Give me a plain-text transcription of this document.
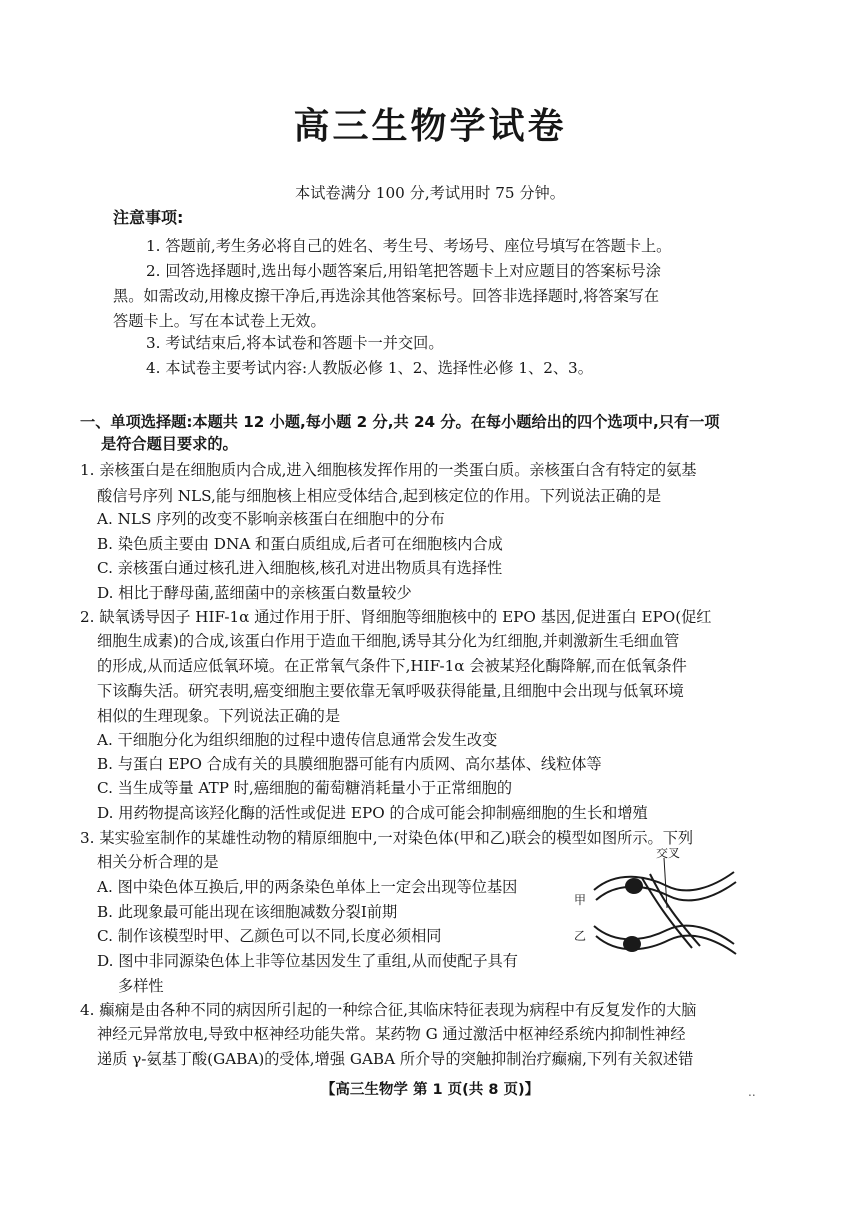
高三生物学试卷
本试卷满分 100 分,考试用时 75 分钟。
注意事项:
1. 答题前,考生务必将自己的姓名、考生号、考场号、座位号填写在答题卡上。
2. 回答选择题时,选出每小题答案后,用铅笔把答题卡上对应题目的答案标号涂
黑。如需改动,用橡皮擦干净后,再选涂其他答案标号。回答非选择题时,将答案写在
答题卡上。写在本试卷上无效。
3. 考试结束后,将本试卷和答题卡一并交回。
4. 本试卷主要考试内容:人教版必修 1、2、选择性必修 1、2、3。
一、单项选择题:本题共 12 小题,每小题 2 分,共 24 分。在每小题给出的四个选项中,只有一项
是符合题目要求的。
1. 亲核蛋白是在细胞质内合成,进入细胞核发挥作用的一类蛋白质。亲核蛋白含有特定的氨基
酸信号序列 NLS,能与细胞核上相应受体结合,起到核定位的作用。下列说法正确的是
A. NLS 序列的改变不影响亲核蛋白在细胞中的分布
B. 染色质主要由 DNA 和蛋白质组成,后者可在细胞核内合成
C. 亲核蛋白通过核孔进入细胞核,核孔对进出物质具有选择性
D. 相比于酵母菌,蓝细菌中的亲核蛋白数量较少
2. 缺氧诱导因子 HIF-1α 通过作用于肝、肾细胞等细胞核中的 EPO 基因,促进蛋白 EPO(促红
细胞生成素)的合成,该蛋白作用于造血干细胞,诱导其分化为红细胞,并刺激新生毛细血管
的形成,从而适应低氧环境。在正常氧气条件下,HIF-1α 会被某羟化酶降解,而在低氧条件
下该酶失活。研究表明,癌变细胞主要依靠无氧呼吸获得能量,且细胞中会出现与低氧环境
相似的生理现象。下列说法正确的是
A. 干细胞分化为组织细胞的过程中遗传信息通常会发生改变
B. 与蛋白 EPO 合成有关的具膜细胞器可能有内质网、高尔基体、线粒体等
C. 当生成等量 ATP 时,癌细胞的葡萄糖消耗量小于正常细胞的
D. 用药物提高该羟化酶的活性或促进 EPO 的合成可能会抑制癌细胞的生长和增殖
3. 某实验室制作的某雄性动物的精原细胞中,一对染色体(甲和乙)联会的模型如图所示。下列
相关分析合理的是
A. 图中染色体互换后,甲的两条染色单体上一定会出现等位基因
B. 此现象最可能出现在该细胞减数分裂Ⅰ前期
C. 制作该模型时甲、乙颜色可以不同,长度必须相同
D. 图中非同源染色体上非等位基因发生了重组,从而使配子具有
多样性
交叉
甲
乙
4. 癫痫是由各种不同的病因所引起的一种综合征,其临床特征表现为病程中有反复发作的大脑
神经元异常放电,导致中枢神经功能失常。某药物 G 通过激活中枢神经系统内抑制性神经
递质 γ-氨基丁酸(GABA)的受体,增强 GABA 所介导的突触抑制治疗癫痫,下列有关叙述错
【高三生物学 第 1 页(共 8 页)】	..
